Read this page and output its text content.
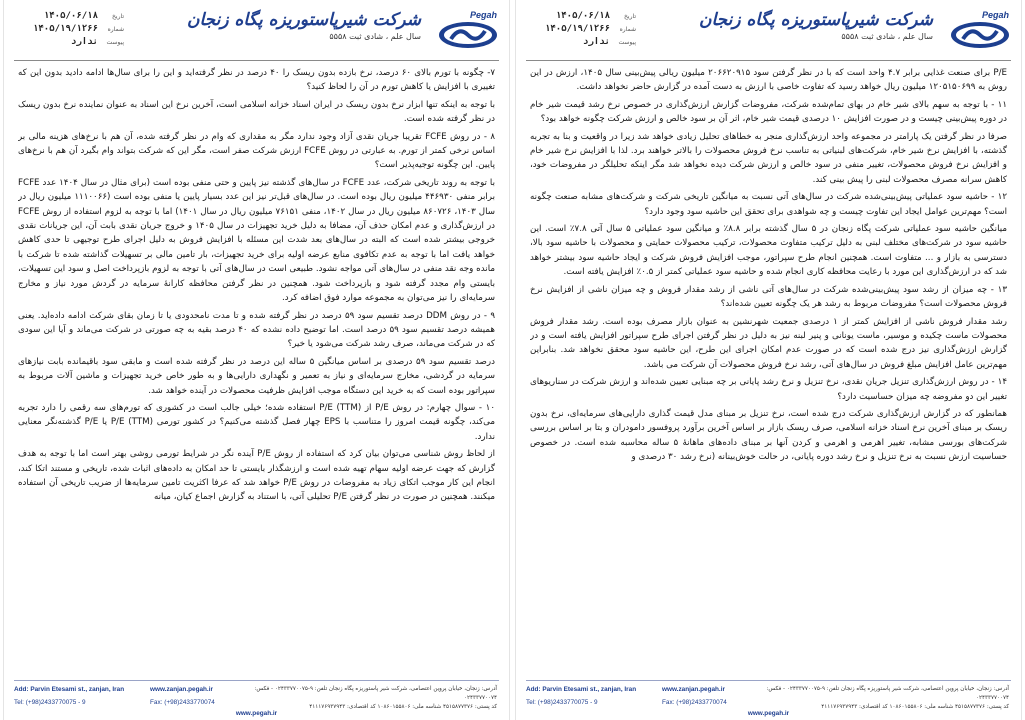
Pegah
شرکت شیرپاستوریزه پگاه زنجان
سال علم ، شادی ثبت ۵۵۵۸
تاریخ
۱۴۰۵/۰۶/۱۸
شماره
۱۴۰۵/۱۹/۱۲۶۶
پیوست
ندارد

P/E برای صنعت غذایی برابر ۴.۷ واحد است که با در نظر گرفتن سود ۲۰۶۶۲۰۹۱۵ میلیون ریالی پیش‌بینی سال ۱۴۰۵، ارزش در این روش به ۱۲۰۵۱۵۰۶۹۹ میلیون ریال خواهد رسید که تفاوت خاصی با ارزش به دست آمده در گزارش حاضر نخواهد داشت.

۱۱ - با توجه به سهم بالای شیر خام در بهای تمام‌شده شرکت، مفروضات گزارش ارزش‌گذاری در خصوص نرخ رشد قیمت شیر خام در دوره پیش‌بینی چیست و در صورت افزایش ۱۰ درصدی قیمت شیر خام، اثر آن بر سود خالص و ارزش شرکت چگونه خواهد بود؟

صرفا در نظر گرفتن یک پارامتر در مجموعه واحد ارزش‌گذاری منجر به خطاهای تحلیل زیادی خواهد شد زیرا در واقعیت و بنا به تجربه گذشته، با افزایش نرخ شیر خام، شرکت‌های لبنیاتی به تناسب نرخ فروش محصولات را بالاتر خواهند برد. لذا با افزایش نرخ شیر خام و افزایش نرخ فروش محصولات، تغییر منفی در سود خالص و ارزش شرکت دیده نخواهد شد مگر اینکه تحلیلگر در مفروضات خود، کاهش سرانه مصرف محصولات لبنی را پیش بینی کند.

۱۲ - حاشیه سود عملیاتی پیش‌بینی‌شده شرکت در سال‌های آتی نسبت به میانگین تاریخی شرکت و شرکت‌های مشابه صنعت چگونه است؟ مهم‌ترین عوامل ایجاد این تفاوت چیست و چه شواهدی برای تحقق این حاشیه سود وجود دارد؟

میانگین حاشیه سود عملیاتی شرکت پگاه زنجان در ۵ سال گذشته برابر ۸.۸٪ و میانگین سود عملیاتی ۵ سال آتی ۷.۸٪ است. این حاشیه سود در شرکت‌های مختلف لبنی به دلیل ترکیب متفاوت محصولات، ترکیب محصولات حمایتی و محصولات با حاشیه سود بالا، دسترسی به بازار و ... متفاوت است. همچنین انجام طرح سپراتور، موجب افزایش فروش شرکت و ایجاد حاشیه سود بیشتر خواهد شد که در ارزش‌گذاری این مورد با رعایت محافظه کاری انجام شده و حاشیه سود عملیاتی کمتر از ۰.۵٪ افزایش یافته است.

۱۳ - چه میزان از رشد سود پیش‌بینی‌شده شرکت در سال‌های آتی ناشی از رشد مقدار فروش و چه میزان ناشی از افزایش نرخ فروش محصولات است؟ مفروضات مربوط به رشد هر یک چگونه تعیین شده‌اند؟

رشد مقدار فروش ناشی از افزایش کمتر از ۱ درصدی جمعیت شهرنشین به عنوان بازار مصرف بوده است. رشد مقدار فروش محصولات ماست چکیده و موسیر، ماست یونانی و پنیر لبنه نیز به دلیل در نظر گرفتن اجرای طرح سپراتور افزایش یافته است و در گزارش ارزش‌گذاری نیز درج شده است که در صورت عدم امکان اجرای این طرح، این حاشیه سود محقق نخواهد شد. بنابراین مهم‌ترین عامل افزایش مبلغ فروش در سال‌های آتی، رشد نرخ فروش محصولات آن شرکت می باشد.

۱۴ - در روش ارزش‌گذاری تنزیل جریان نقدی، نرخ تنزیل و نرخ رشد پایانی بر چه مبنایی تعیین شده‌اند و ارزش شرکت در سناریوهای تغییر این دو مفروضه چه میزان حساسیت دارد؟

همانطور که در گزارش ارزش‌گذاری شرکت درج شده است، نرخ تنزیل بر مبنای مدل قیمت گذاری دارایی‌های سرمایه‌ای، نرخ بدون ریسک بر مبنای آخرین نرخ اسناد خزانه اسلامی، صرف ریسک بازار بر اساس آخرین برآورد پروفسور دامودران و بتا بر اساس بررسی شرکت‌های بورسی مشابه، تغییر اهرمی و اهرمی و کردن آنها بر مبنای داده‌های ماهانهٔ ۵ ساله محاسبه شده است. در خصوص حساسیت ارزش نسبت به نرخ تنزیل و نرخ رشد دوره پایانی، در حالت خوش‌بینانه (نرخ رشد ۳۰ درصدی و

Add: Parvin Etesami st., zanjan, Iran
Tel: (+98)2433770075 - 9
www.zanjan.pegah.ir
Fax: (+98)2433770074
آدرس: زنجان، خیابان پروین اعتصامی، شرکت شیر پاستوریزه پگاه زنجان تلفن: ۹-۰۲۴۳۳۷۷۰۰۷۵ - فکس: ۰۲۴۳۳۷۷۰۰۷۴
کد پستی: ۴۵۱۵۸۷۷۳۷۶ شناسه ملی: ۱۰۸۶۰۱۵۵۸۰۶ کد اقتصادی: ۴۱۱۱۷۶۹۳۷۹۴۳
www.pegah.ir
Pegah
شرکت شیرپاستوریزه پگاه زنجان
سال علم ، شادی ثبت ۵۵۵۸
تاریخ
۱۴۰۵/۰۶/۱۸
شماره
۱۴۰۵/۱۹/۱۲۶۶
پیوست
ندارد

۷- چگونه با تورم بالای ۶۰ درصد، نرخ بازده بدون ریسک را ۴۰ درصد در نظر گرفته‌اید و این را برای سال‌ها ادامه دادید بدون این که تغییری با افزایش یا کاهش تورم در آن را لحاظ کنید؟

با توجه به اینکه تنها ابزار نرخ بدون ریسک در ایران اسناد خزانه اسلامی است، آخرین نرخ این اسناد به عنوان نماینده نرخ بدون ریسک در نظر گرفته شده است.

۸ - در روش FCFE تقریبا جریان نقدی آزاد وجود ندارد مگر به مقداری که وام در نظر گرفته شده، آن هم با نرخ‌های هزینه مالی بر اساس نرخی کمتر از تورم. به عبارتی در روش FCFE ارزش شرکت صفر است، مگر این که شرکت بتواند وام بگیرد آن هم با نرخ‌های پایین. این چگونه توجیه‌پذیر است؟

با توجه به روند تاریخی شرکت، عدد FCFE در سال‌های گذشته نیز پایین و حتی منفی بوده است (برای مثال در سال ۱۴۰۴ عدد FCFE برابر منفی ۴۴۶۹۳۰ میلیون ریال بوده است. در سال‌های قبل‌تر نیز این عدد بسیار پایین یا منفی بوده است (۱۱۱۰۰۶۶ میلیون ریال در سال ۱۴۰۳، ۸۶۰۷۲۶ میلیون ریال در سال ۱۴۰۲، منفی ۷۶۱۵۱ میلیون ریال در سال ۱۴۰۱) اما با توجه به لزوم استفاده از روش FCFE در ارزش‌گذاری و عدم امکان حذف آن، مضافا به دلیل خرید تجهیزات در سال ۱۴۰۵ و خروج جریان نقدی بابت آن، این جریانات نقدی خروجی بیشتر شده است که البته در سال‌های بعد شدت این مسئله با افزایش فروش به دلیل اجرای طرح توجیهی تا حدی کاهش خواهد یافت اما با توجه به عدم تکافوی منابع عرضه اولیه برای خرید تجهیزات، بار تامین مالی بر تسهیلات گذاشته شده تا شرکت با مانده وجه نقد منفی در سال‌های آتی مواجه نشود. طبیعی است در سال‌های آتی با توجه به لزوم بازپرداخت اصل و سود این تسهیلات، بایستی وام مجدد گرفته شود و بازپرداخت شود. همچنین در نظر گرفتن محافظه کارانهٔ سرمایه در گردش مورد نیاز و مخارج سرمایه‌ای را نیز می‌توان به مجموعه موارد فوق اضافه کرد.

۹ - در روش DDM درصد تقسیم سود ۵۹ درصد در نظر گرفته شده و تا مدت نامحدودی یا تا زمان بقای شرکت ادامه داده‌اید. یعنی همیشه درصد تقسیم سود ۵۹ درصد است. اما توضیح داده نشده که ۴۰ درصد بقیه به چه صورتی در شرکت می‌ماند و آیا این سودی که در شرکت می‌ماند، صرف رشد شرکت می‌شود یا خیر؟

درصد تقسیم سود ۵۹ درصدی بر اساس میانگین ۵ ساله این درصد در نظر گرفته شده است و مابقی سود باقیمانده بابت نیازهای سرمایه در گردشی، مخارج سرمایه‌ای و نیاز به تعمیر و نگهداری دارایی‌ها و به طور خاص خرید تجهیزات و ماشین آلات مربوط به سپراتور بوده است که به خرید این دستگاه موجب افزایش ظرفیت محصولات در آینده خواهد شد.

۱۰ - سوال چهارم: در روش P/E از P/E (TTM) استفاده شده؛ خیلی جالب است در کشوری که تورم‌های سه رقمی را دارد تجربه می‌کند، چگونه قیمت امروز را متناسب با EPS چهار فصل گذشته می‌کنیم؟ در کشور تورمی P/E (TTM) یا P/E گذشته‌نگر معنایی ندارد.

از لحاظ روش شناسی می‌توان بیان کرد که استفاده از روش P/E آینده نگر در شرایط تورمی روشی بهتر است اما با توجه به هدف گزارش که جهت عرضه اولیه سهام تهیه شده است و ارزشگذار بایستی تا حد امکان به داده‌های اثبات شده، تاریخی و مستند اتکا کند، انجام این کار موجب اتکای زیاد به مفروضات در روش P/E خواهد شد که عرفا اکثریت تامین سرمایه‌ها از ضریب تاریخی آن استفاده میکنند. همچنین در صورت در نظر گرفتن P/E تحلیلی آتی، با استناد به گزارش اجماع کیان، میانه

Add: Parvin Etesami st., zanjan, Iran
Tel: (+98)2433770075 - 9
www.zanjan.pegah.ir
Fax: (+98)2433770074
آدرس: زنجان، خیابان پروین اعتصامی، شرکت شیر پاستوریزه پگاه زنجان تلفن: ۹-۰۲۴۳۳۷۷۰۰۷۵ - فکس: ۰۲۴۳۳۷۷۰۰۷۴
کد پستی: ۴۵۱۵۸۷۷۳۷۶ شناسه ملی: ۱۰۸۶۰۱۵۵۸۰۶ کد اقتصادی: ۴۱۱۱۷۶۹۳۷۹۴۳
www.pegah.ir
